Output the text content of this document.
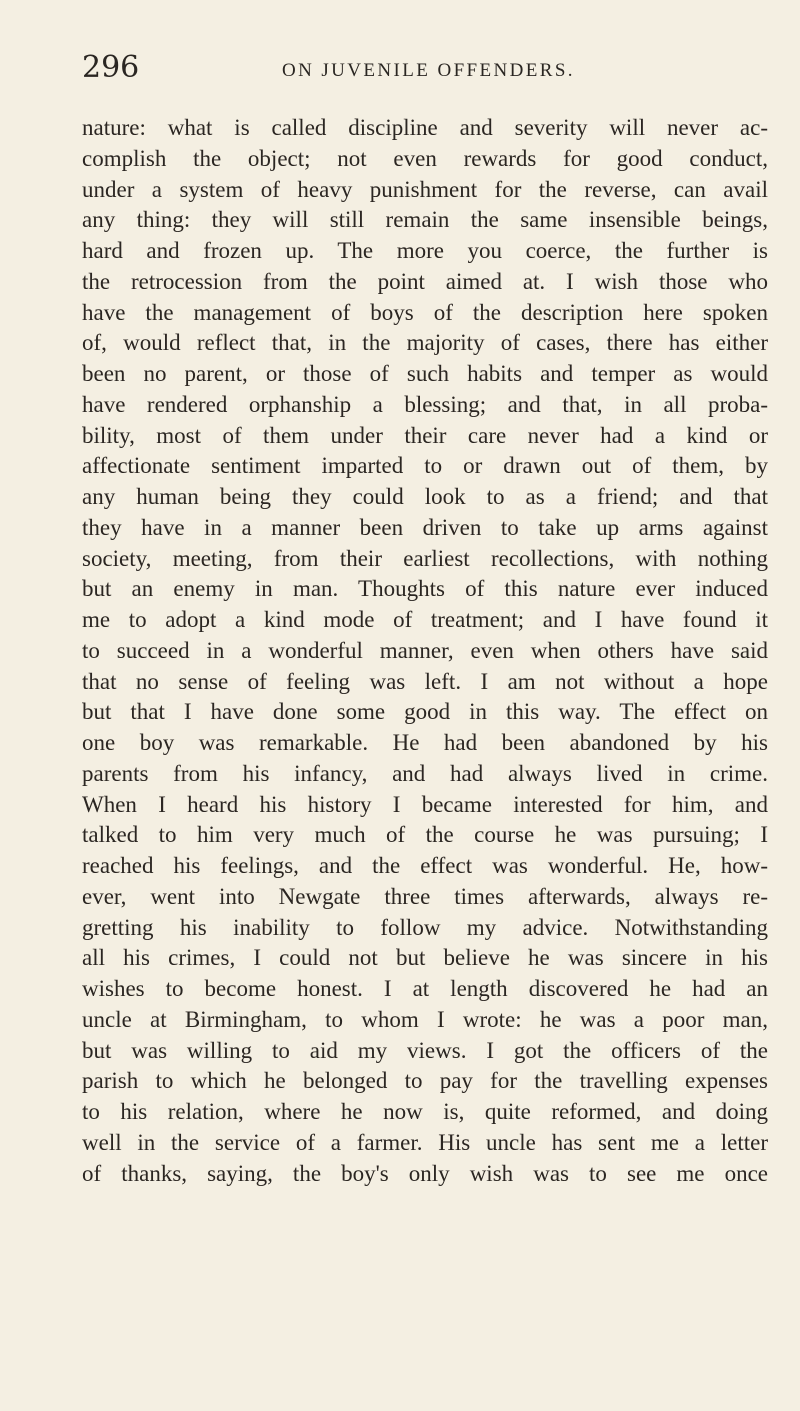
296	ON JUVENILE OFFENDERS.
nature: what is called discipline and severity will never ac-
complish the object; not even rewards for good conduct,
under a system of heavy punishment for the reverse, can avail
any thing: they will still remain the same insensible beings,
hard and frozen up. The more you coerce, the further is
the retrocession from the point aimed at. I wish those who
have the management of boys of the description here spoken
of, would reflect that, in the majority of cases, there has either
been no parent, or those of such habits and temper as would
have rendered orphanship a blessing; and that, in all proba-
bility, most of them under their care never had a kind or
affectionate sentiment imparted to or drawn out of them, by
any human being they could look to as a friend; and that
they have in a manner been driven to take up arms against
society, meeting, from their earliest recollections, with nothing
but an enemy in man. Thoughts of this nature ever induced
me to adopt a kind mode of treatment; and I have found it
to succeed in a wonderful manner, even when others have said
that no sense of feeling was left. I am not without a hope
but that I have done some good in this way. The effect on
one boy was remarkable. He had been abandoned by his
parents from his infancy, and had always lived in crime.
When I heard his history I became interested for him, and
talked to him very much of the course he was pursuing; I
reached his feelings, and the effect was wonderful. He, how-
ever, went into Newgate three times afterwards, always re-
gretting his inability to follow my advice. Notwithstanding
all his crimes, I could not but believe he was sincere in his
wishes to become honest. I at length discovered he had an
uncle at Birmingham, to whom I wrote: he was a poor man,
but was willing to aid my views. I got the officers of the
parish to which he belonged to pay for the travelling expenses
to his relation, where he now is, quite reformed, and doing
well in the service of a farmer. His uncle has sent me a letter
of thanks, saying, the boy's only wish was to see me once
